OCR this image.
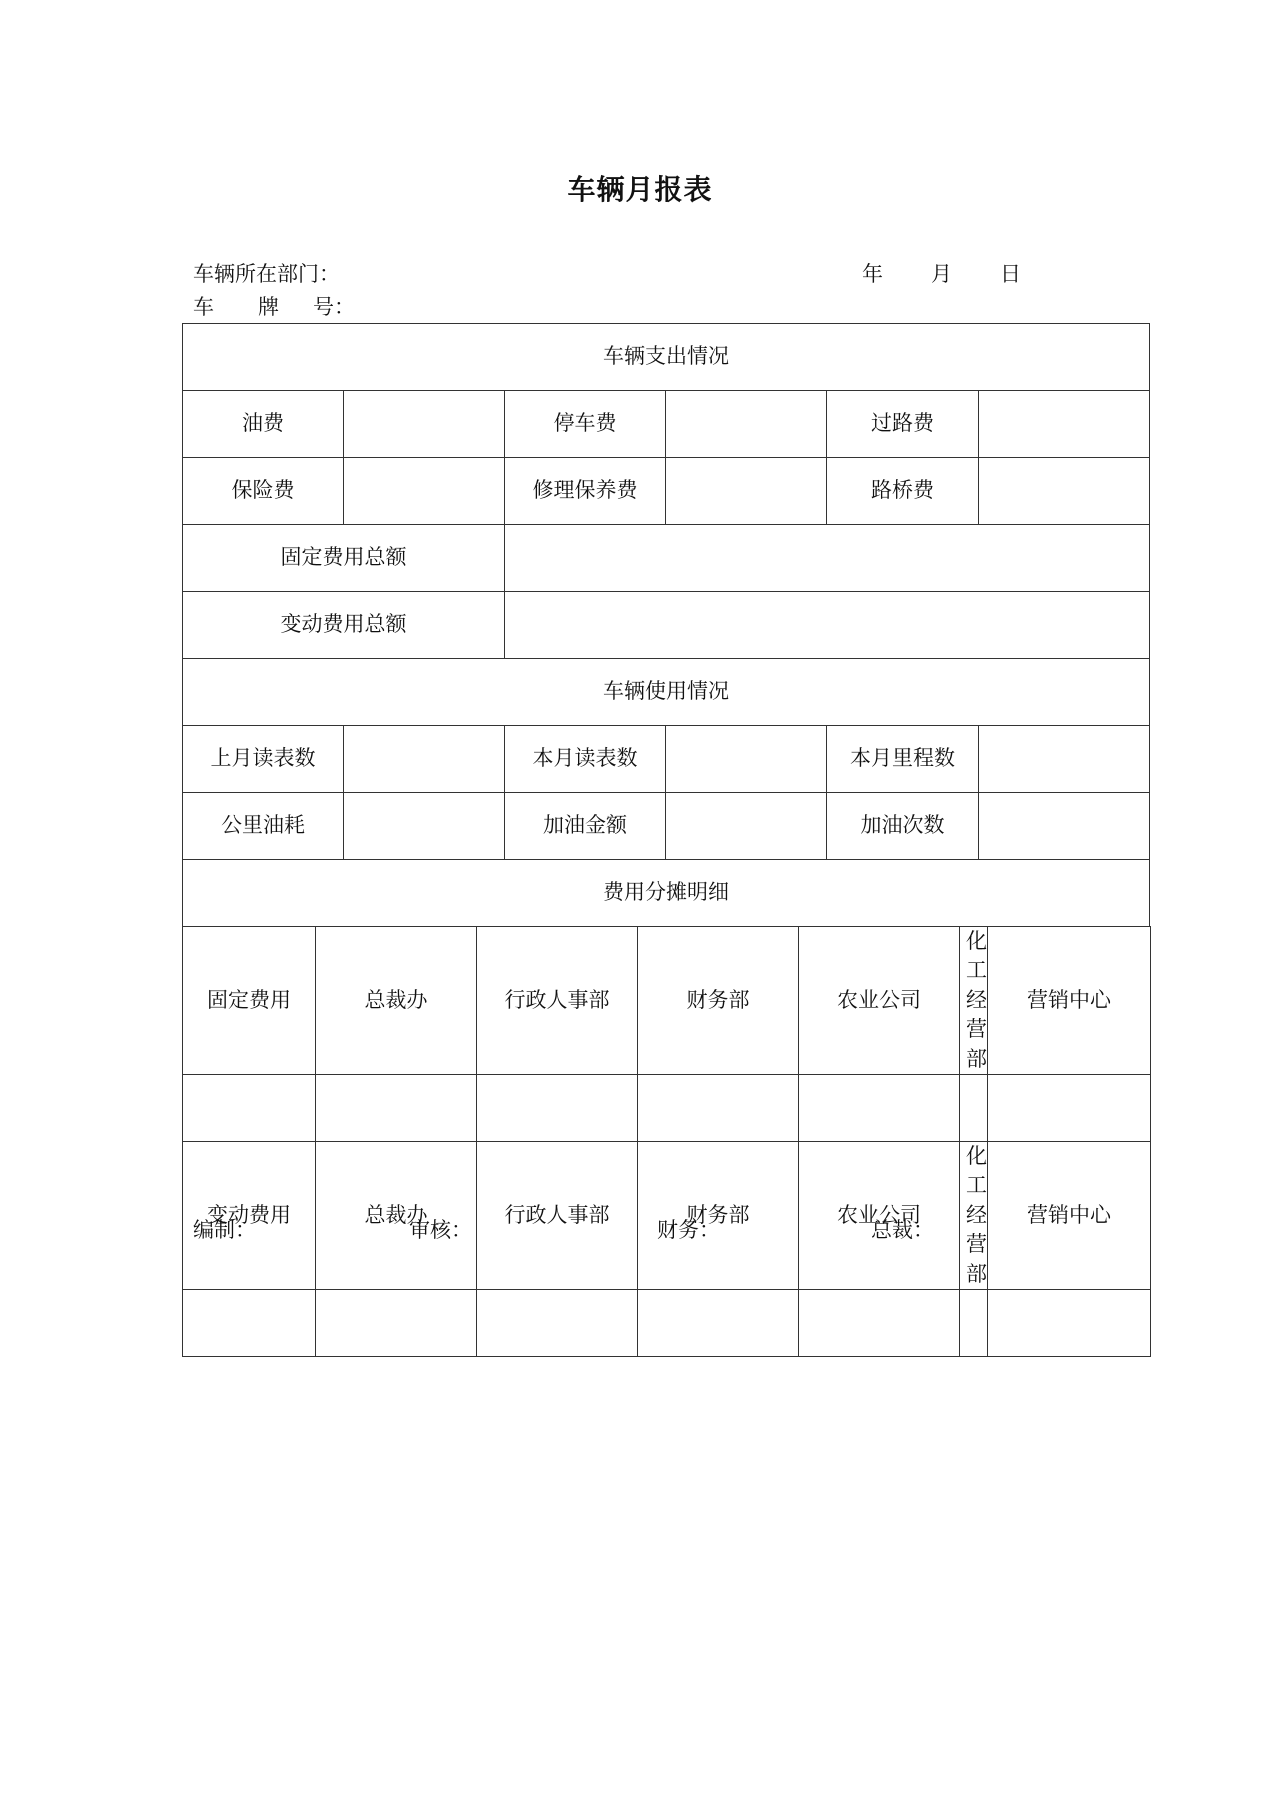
车辆月报表
车辆所在部门：
车 牌 号：
年 月 日
车辆支出情况											
油费				停车费				过路费			
保险费				修理保养费				路桥费			
固定费用总额											
变动费用总额											
车辆使用情况											
上月读表数				本月读表数				本月里程数			
公里油耗				加油金额				加油次数			
费用分摊明细											
固定费用	总裁办		行政人事部		财务部		农业公司		化工经营部		营销中心

变动费用	总裁办		行政人事部		财务部		农业公司		化工经营部		营销中心

编制：	审核：	财务：	总裁：
